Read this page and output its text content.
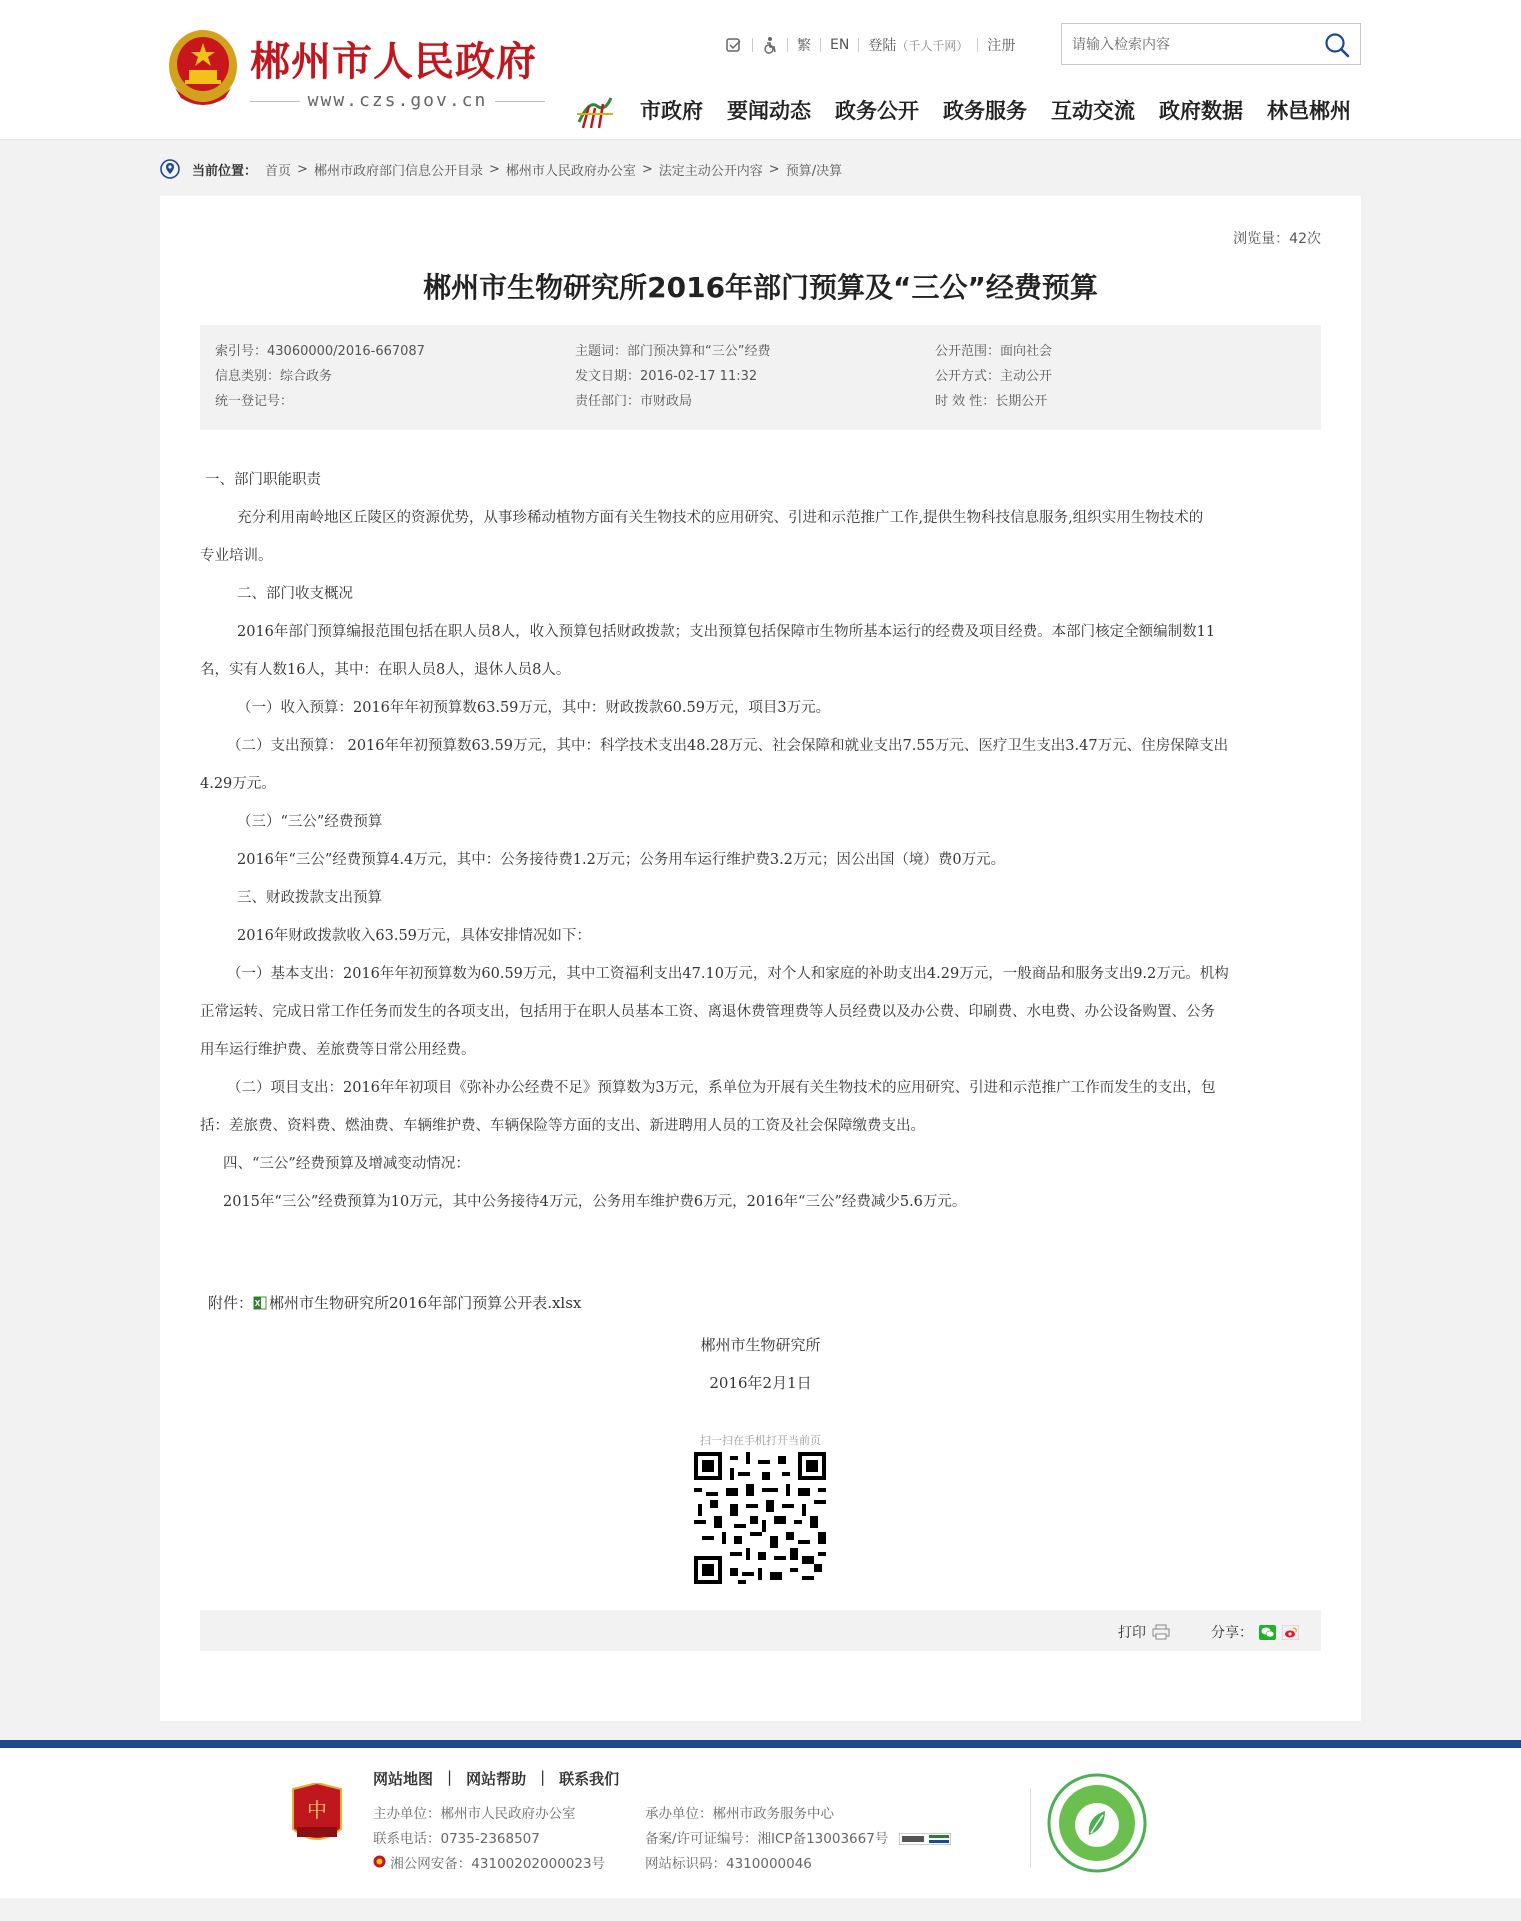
郴州市人民政府
www.czs.gov.cn
繁 EN 登陆 （千人千网） 注册
请输入检索内容
市政府 要闻动态 政务公开 政务服务 互动交流 政府数据 林邑郴州
当前位置： 首页 > 郴州市政府部门信息公开目录 > 郴州市人民政府办公室 > 法定主动公开内容 > 预算/决算
浏览量：42次
郴州市生物研究所2016年部门预算及“三公”经费预算
索引号：43060000/2016-667087
信息类别：综合政务
统一登记号：
主题词：部门预决算和“三公”经费
发文日期：2016-02-17 11:32
责任部门：市财政局
公开范围：面向社会
公开方式：主动公开
时 效 性：长期公开

一、部门职能职责

充分利用南岭地区丘陵区的资源优势，从事珍稀动植物方面有关生物技术的应用研究、引进和示范推广工作,提供生物科技信息服务,组织实用生物技术的

专业培训。

二、部门收支概况

2016年部门预算编报范围包括在职人员8人，收入预算包括财政拨款；支出预算包括保障市生物所基本运行的经费及项目经费。本部门核定全额编制数11

名，实有人数16人，其中：在职人员8人，退休人员8人。

（一）收入预算：2016年年初预算数63.59万元，其中：财政拨款60.59万元，项目3万元。

（二）支出预算： 2016年年初预算数63.59万元，其中：科学技术支出48.28万元、社会保障和就业支出7.55万元、医疗卫生支出3.47万元、住房保障支出

4.29万元。

（三）“三公”经费预算

2016年“三公”经费预算4.4万元，其中：公务接待费1.2万元；公务用车运行维护费3.2万元；因公出国（境）费0万元。

三、财政拨款支出预算

2016年财政拨款收入63.59万元，具体安排情况如下：

（一）基本支出：2016年年初预算数为60.59万元，其中工资福利支出47.10万元，对个人和家庭的补助支出4.29万元，一般商品和服务支出9.2万元。机构

正常运转、完成日常工作任务而发生的各项支出，包括用于在职人员基本工资、离退休费管理费等人员经费以及办公费、印刷费、水电费、办公设备购置、公务

用车运行维护费、差旅费等日常公用经费。

（二）项目支出：2016年年初项目《弥补办公经费不足》预算数为3万元，系单位为开展有关生物技术的应用研究、引进和示范推广工作而发生的支出，包

括：差旅费、资料费、燃油费、车辆维护费、车辆保险等方面的支出、新进聘用人员的工资及社会保障缴费支出。

四、“三公”经费预算及增减变动情况：

2015年“三公”经费预算为10万元，其中公务接待4万元，公务用车维护费6万元，2016年“三公”经费减少5.6万元。

附件： 郴州市生物研究所2016年部门预算公开表.xlsx
郴州市生物研究所
2016年2月1日
扫一扫在手机打开当前页
打印	分享：
中
网站地图 | 网站帮助 | 联系我们
主办单位：郴州市人民政府办公室
联系电话：0735-2368507
湘公网安备：43100202000023号
承办单位：郴州市政务服务中心
备案/许可证编号：湘ICP备13003667号
网站标识码：4310000046
